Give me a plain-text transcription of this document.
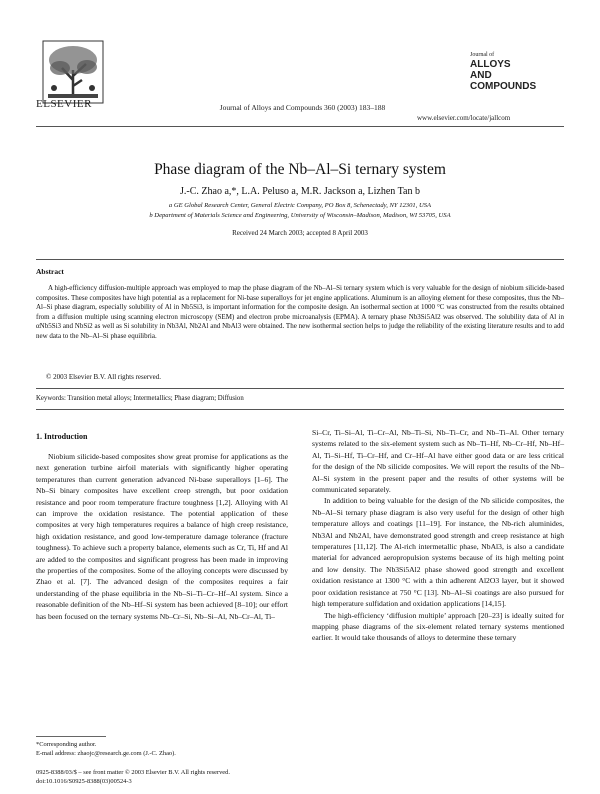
ELSEVIER	Journal of Alloys and Compounds 360 (2003) 183–188
Journal of
ALLOYS
AND COMPOUNDS
www.elsevier.com/locate/jallcom
Phase diagram of the Nb–Al–Si ternary system
J.-C. Zhao a,*, L.A. Peluso a, M.R. Jackson a, Lizhen Tan b
a GE Global Research Center, General Electric Company, PO Box 8, Schenectady, NY 12301, USA
b Department of Materials Science and Engineering, University of Wisconsin–Madison, Madison, WI 53705, USA
Received 24 March 2003; accepted 8 April 2003
Abstract
A high-efficiency diffusion-multiple approach was employed to map the phase diagram of the Nb–Al–Si ternary system which is very valuable for the design of niobium silicide-based composites. These composites have high potential as a replacement for Ni-base superalloys for jet engine applications. Aluminum is an alloying element for these composites, thus the Nb–Al–Si phase diagram, especially solubility of Al in Nb5Si3, is important information for the composite design. An isothermal section at 1000 °C was constructed from the results obtained from a diffusion multiple using scanning electron microscopy (SEM) and electron probe microanalysis (EPMA). A ternary phase Nb3Si5Al2 was observed. The solubility data of Al in αNb5Si3 and NbSi2 as well as Si solubility in Nb3Al, Nb2Al and NbAl3 were obtained. The new isothermal section helps to judge the reliability of the existing literature results and to add new data to the Nb–Al–Si phase equilibria.
© 2003 Elsevier B.V. All rights reserved.
Keywords: Transition metal alloys; Intermetallics; Phase diagram; Diffusion
1. Introduction

Niobium silicide-based composites show great promise for applications as the next generation turbine airfoil materials with significantly higher operating temperatures than current generation advanced Ni-base superalloys [1–6]. The Nb–Si binary composites have excellent creep strength, but poor oxidation resistance and poor room temperature fracture toughness [1,2]. Alloying with Al can improve the oxidation resistance. The potential application of these composites at very high temperatures requires a balance of high creep resistance, high oxidation resistance, and good low-temperature damage tolerance (fracture toughness). To achieve such a property balance, elements such as Cr, Ti, Hf and Al are added to the composites and significant progress has been made in improving the properties of the composites. Some of the alloying concepts were discussed by Zhao et al. [7]. The advanced design of the composites requires a fair understanding of the phase equilibria in the Nb–Si–Ti–Cr–Hf–Al system. Since a reasonable definition of the Nb–Hf–Si system has been achieved [8–10]; our effort has been focused on the ternary systems Nb–Cr–Si, Nb–Si–Al, Nb–Cr–Al, Ti–

Si–Cr, Ti–Si–Al, Ti–Cr–Al, Nb–Ti–Si, Nb–Ti–Cr, and Nb–Ti–Al. Other ternary systems related to the six-element system such as Nb–Ti–Hf, Nb–Cr–Hf, Nb–Hf–Al, Ti–Si–Hf, Ti–Cr–Hf, and Cr–Hf–Al have either good data or are less critical for the design of the Nb silicide composites. We will report the results of the Nb–Al–Si system in the present paper and the results of other systems will be communicated separately.

In addition to being valuable for the design of the Nb silicide composites, the Nb–Al–Si ternary phase diagram is also very useful for the design of other high temperature alloys and coatings [11–19]. For instance, the Nb-rich aluminides, Nb3Al and Nb2Al, have demonstrated good strength and creep resistance at high temperatures [11,12]. The Al-rich intermetallic phase, NbAl3, is also a candidate material for advanced aeropropulsion systems because of its high melting point and low density. The Nb3Si5Al2 phase showed good strength and excellent oxidation resistance at 1300 °C with a thin adherent Al2O3 layer, but it showed poor oxidation resistance at 750 °C [13]. Nb–Al–Si coatings are also pursued for high temperature sulfidation and oxidation applications [14,15].

The high-efficiency ‘diffusion multiple’ approach [20–23] is ideally suited for mapping phase diagrams of the six-element related ternary systems mentioned earlier. It would take thousands of alloys to determine these ternary

*Corresponding author.
E-mail address: zhaojc@research.ge.com (J.-C. Zhao).
0925-8388/03/$ – see front matter © 2003 Elsevier B.V. All rights reserved.
doi:10.1016/S0925-8388(03)00524-3
